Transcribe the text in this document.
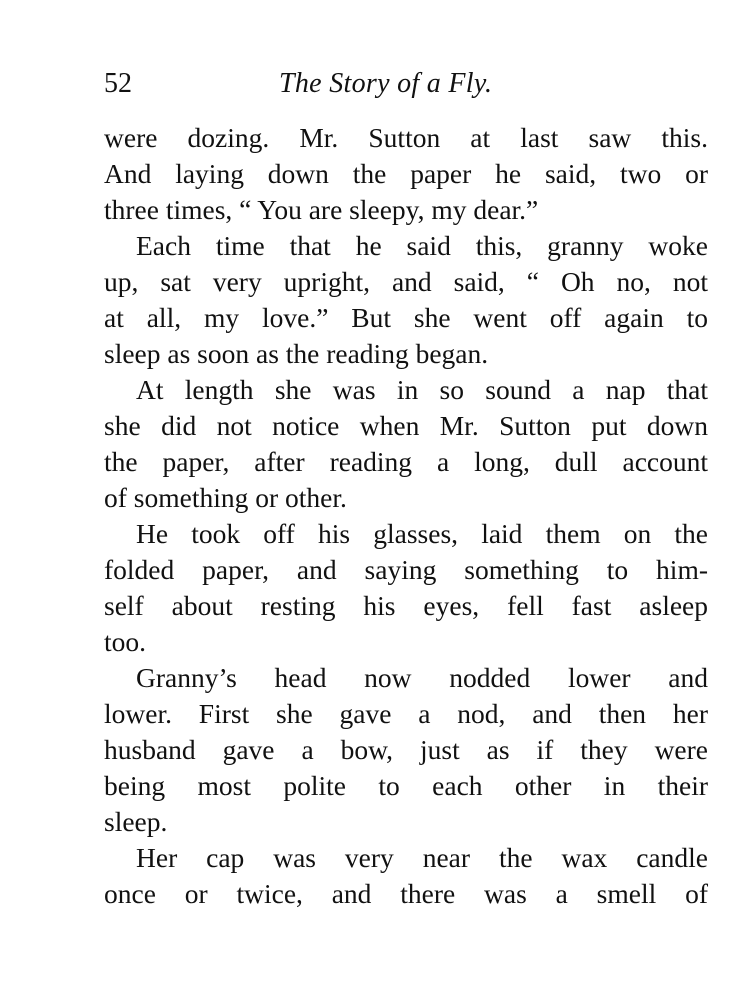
52	The Story of a Fly.
were dozing. Mr. Sutton at last saw this.
And laying down the paper he said, two or
three times, “ You are sleepy, my dear.”
Each time that he said this, granny woke
up, sat very upright, and said, “ Oh no, not
at all, my love.” But she went off again to
sleep as soon as the reading began.
At length she was in so sound a nap that
she did not notice when Mr. Sutton put down
the paper, after reading a long, dull account
of something or other.
He took off his glasses, laid them on the
folded paper, and saying something to him-
self about resting his eyes, fell fast asleep
too.
Granny’s head now nodded lower and
lower. First she gave a nod, and then her
husband gave a bow, just as if they were
being most polite to each other in their
sleep.
Her cap was very near the wax candle
once or twice, and there was a smell of
